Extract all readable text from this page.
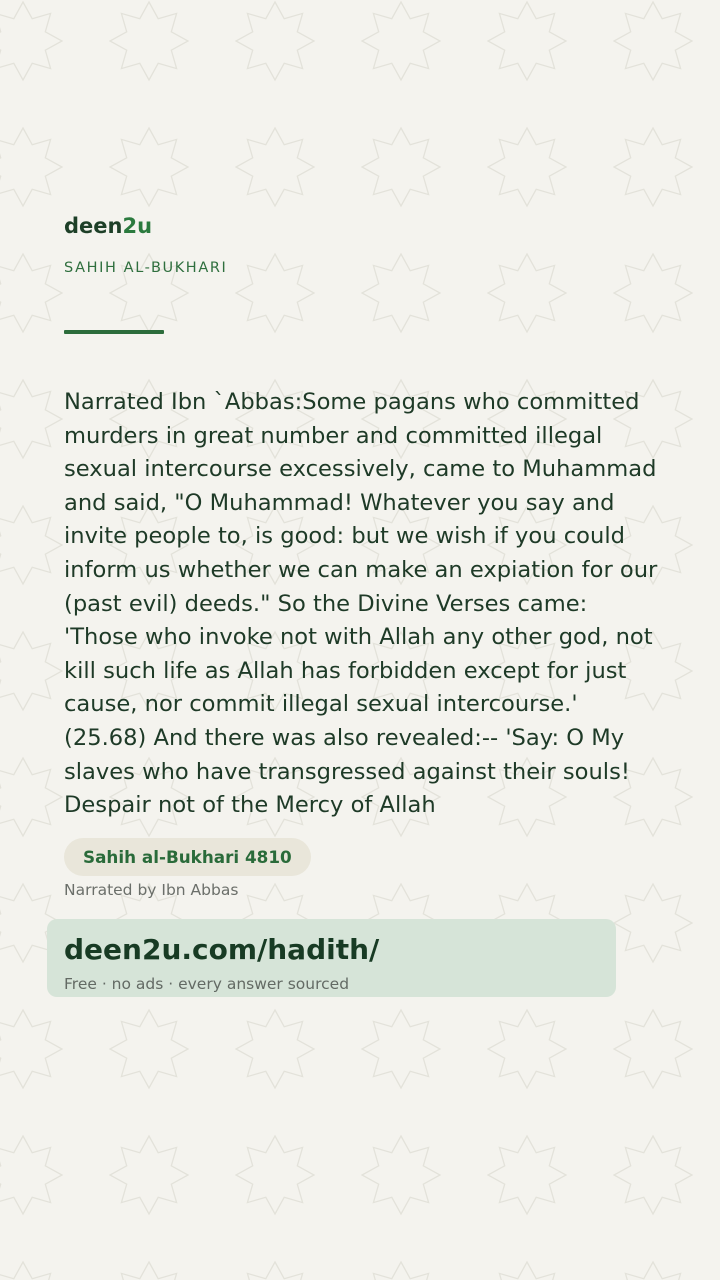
deen2u
SAHIH AL-BUKHARI

Narrated Ibn `Abbas:Some pagans who committed murders in great number and committed illegal sexual intercourse excessively, came to Muhammad and said, "O Muhammad! Whatever you say and invite people to, is good: but we wish if you could inform us whether we can make an expiation for our (past evil) deeds." So the Divine Verses came: 'Those who invoke not with Allah any other god, not kill such life as Allah has forbidden except for just cause, nor commit illegal sexual intercourse.' (25.68) And there was also revealed:-- 'Say: O My slaves who have transgressed against their souls! Despair not of the Mercy of Allah

Sahih al-Bukhari 4810
Narrated by Ibn Abbas
deen2u.com/hadith/
Free · no ads · every answer sourced
